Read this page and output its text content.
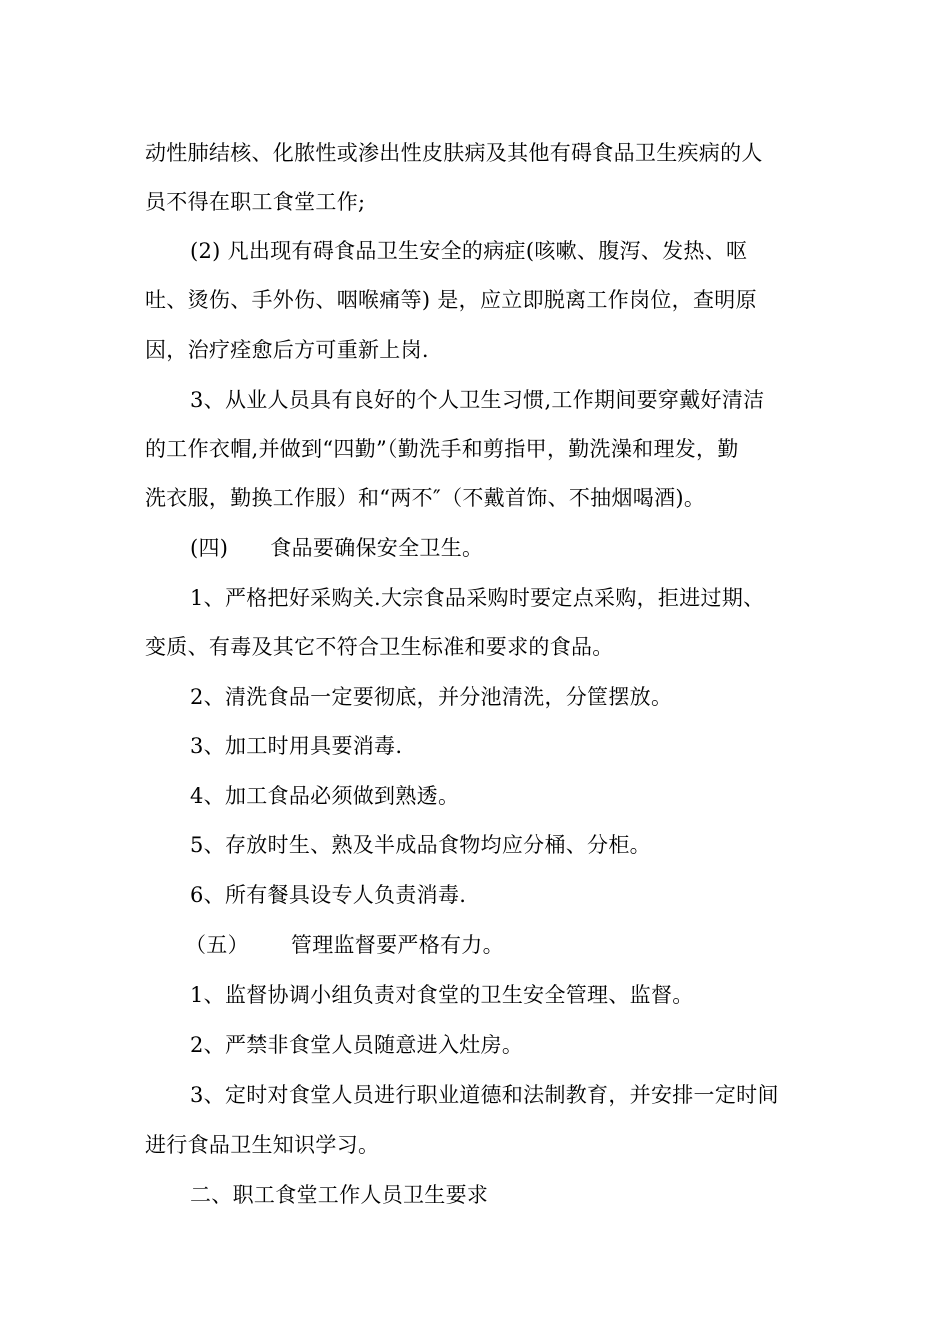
动性肺结核、化脓性或渗出性皮肤病及其他有碍食品卫生疾病的人
员不得在职工食堂工作;
(2) 凡出现有碍食品卫生安全的病症(咳嗽、腹泻、发热、呕
吐、烫伤、手外伤、咽喉痛等) 是，应立即脱离工作岗位，查明原
因，治疗痊愈后方可重新上岗.
3、从业人员具有良好的个人卫生习惯,工作期间要穿戴好清洁
的工作衣帽,并做到“四勤”（勤洗手和剪指甲，勤洗澡和理发，勤
洗衣服，勤换工作服）和“两不″（不戴首饰、不抽烟喝酒)。
(四) 食品要确保安全卫生。
1、严格把好采购关.大宗食品采购时要定点采购，拒进过期、
变质、有毒及其它不符合卫生标准和要求的食品。
2、清洗食品一定要彻底，并分池清洗，分筐摆放。
3、加工时用具要消毒.
4、加工食品必须做到熟透。
5、存放时生、熟及半成品食物均应分桶、分柜。
6、所有餐具设专人负责消毒.
（五） 管理监督要严格有力。
1、监督协调小组负责对食堂的卫生安全管理、监督。
2、严禁非食堂人员随意进入灶房。
3、定时对食堂人员进行职业道德和法制教育，并安排一定时间
进行食品卫生知识学习。
二、职工食堂工作人员卫生要求
